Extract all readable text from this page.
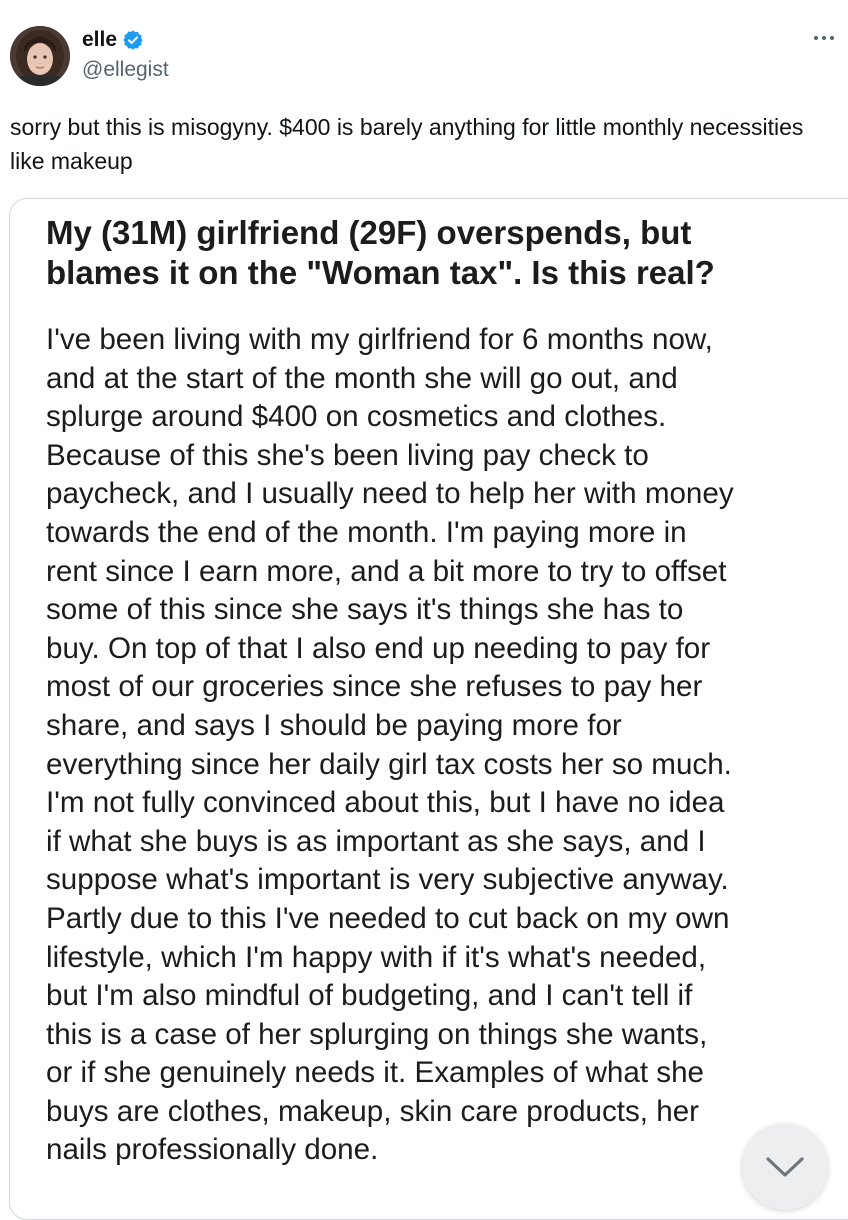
elle
@ellegist
sorry but this is misogyny. $400 is barely anything for little monthly necessities like makeup
My (31M) girlfriend (29F) overspends, but blames it on the "Woman tax". Is this real?
I've been living with my girlfriend for 6 months now,
and at the start of the month she will go out, and
splurge around $400 on cosmetics and clothes.
Because of this she's been living pay check to
paycheck, and I usually need to help her with money
towards the end of the month. I'm paying more in
rent since I earn more, and a bit more to try to offset
some of this since she says it's things she has to
buy. On top of that I also end up needing to pay for
most of our groceries since she refuses to pay her
share, and says I should be paying more for
everything since her daily girl tax costs her so much.
I'm not fully convinced about this, but I have no idea
if what she buys is as important as she says, and I
suppose what's important is very subjective anyway.
Partly due to this I've needed to cut back on my own
lifestyle, which I'm happy with if it's what's needed,
but I'm also mindful of budgeting, and I can't tell if
this is a case of her splurging on things she wants,
or if she genuinely needs it. Examples of what she
buys are clothes, makeup, skin care products, her
nails professionally done.
